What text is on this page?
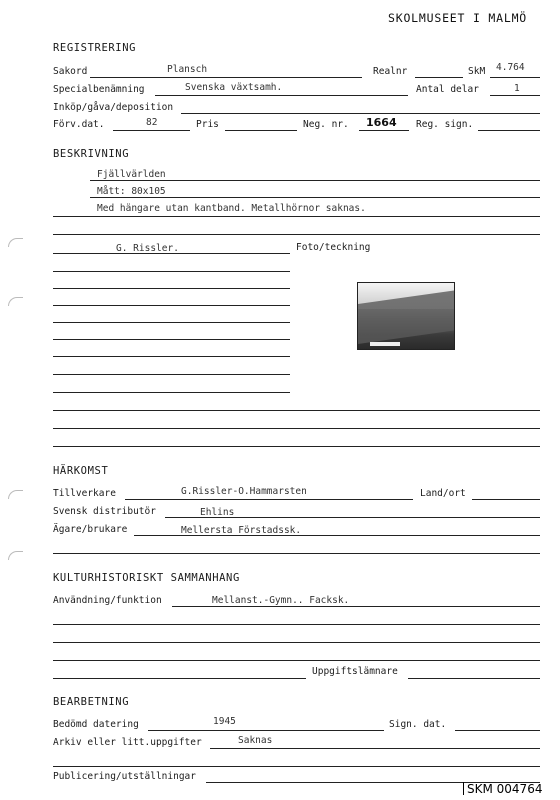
SKOLMUSEET I MALMÖ
REGISTRERING
Sakord	Plansch	Realnr	SkM 4.764
Specialbenämning	Svenska växtsamh.	Antal delar	1
Inköp/gåva/deposition
Förv.dat.	82	Pris	Neg. nr. 1664 Reg. sign.
BESKRIVNING
Fjällvärlden
Mått: 80x105
Med hängare utan kantband. Metallhörnor saknas.
G. Rissler.	Foto/teckning
HÄRKOMST
Tillverkare	G.Rissler-O.Hammarsten	Land/ort
Svensk distributör	Ehlins
Ägare/brukare	Mellersta Förstadssk.
KULTURHISTORISKT SAMMANHANG
Användning/funktion	Mellanst.-Gymn.. Facksk.
Uppgiftslämnare
BEARBETNING
Bedömd datering	1945	Sign. dat.
Arkiv eller litt.uppgifter	Saknas
Publicering/utställningar
SKM 004764
